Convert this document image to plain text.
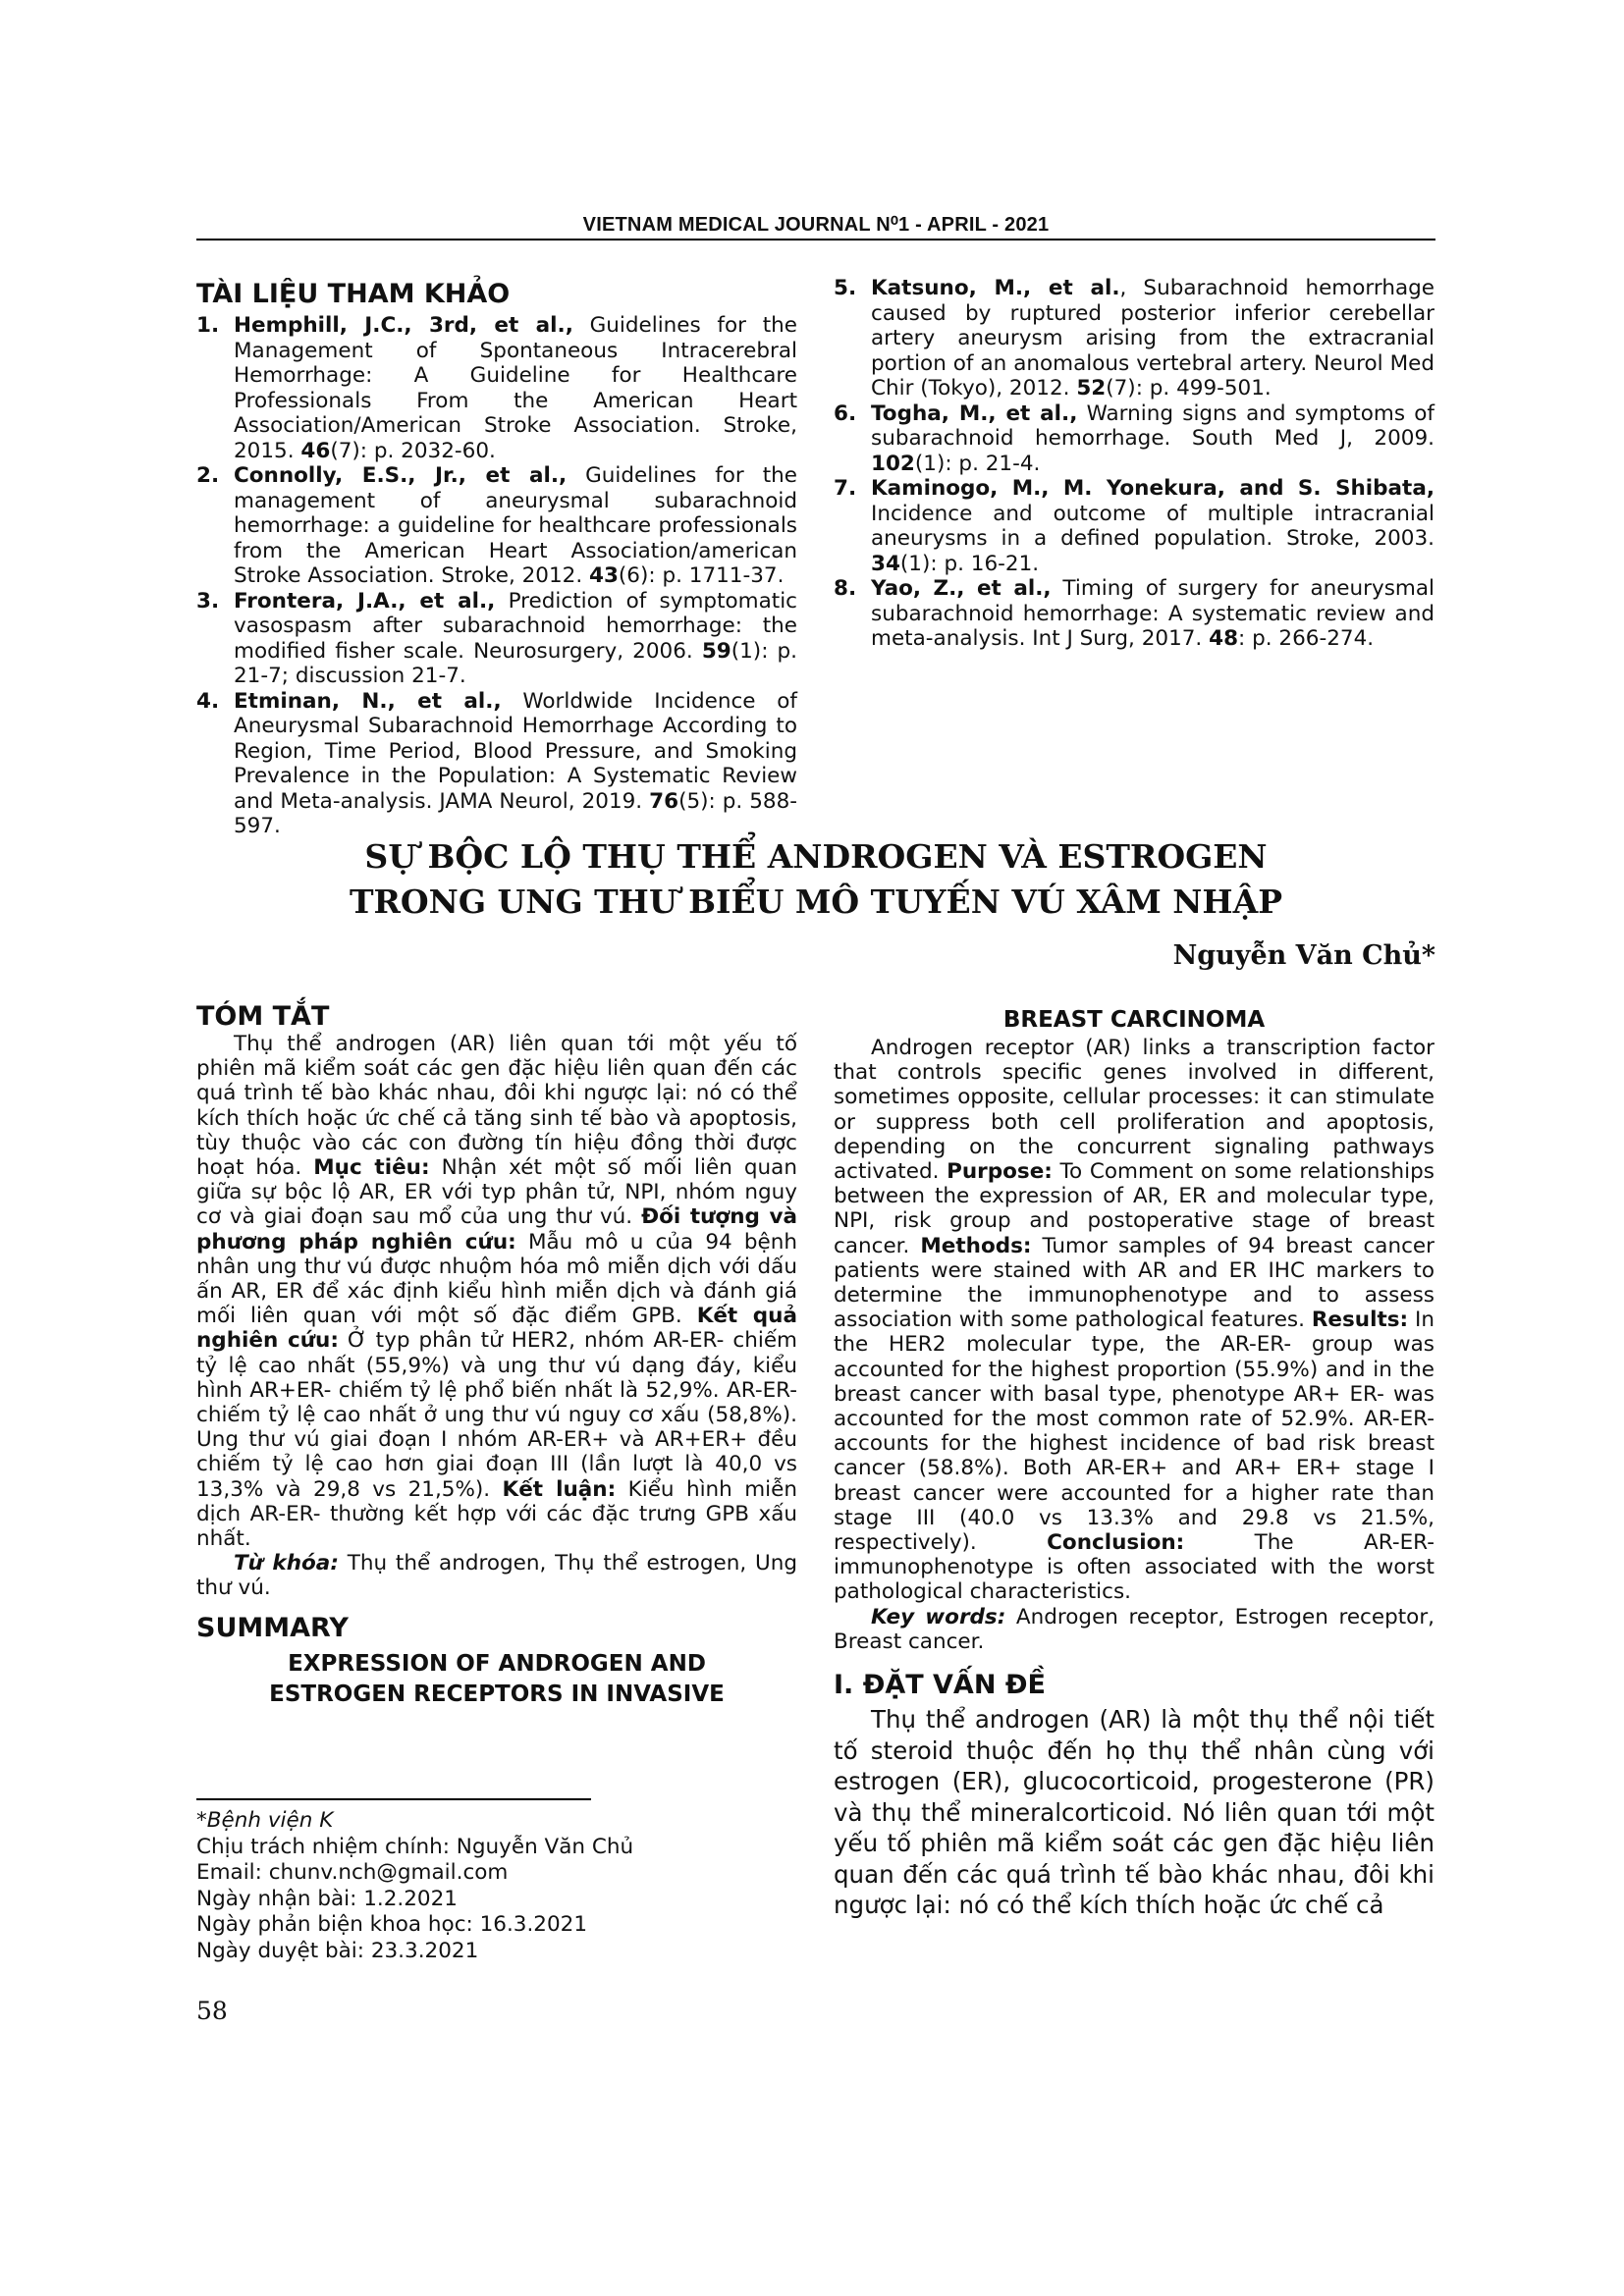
VIETNAM MEDICAL JOURNAL N⁰1 - APRIL - 2021
TÀI LIỆU THAM KHẢO
1. Hemphill, J.C., 3rd, et al., Guidelines for the Management of Spontaneous Intracerebral Hemorrhage: A Guideline for Healthcare Professionals From the American Heart Association/American Stroke Association. Stroke, 2015. 46(7): p. 2032-60.
2. Connolly, E.S., Jr., et al., Guidelines for the management of aneurysmal subarachnoid hemorrhage: a guideline for healthcare professionals from the American Heart Association/american Stroke Association. Stroke, 2012. 43(6): p. 1711-37.
3. Frontera, J.A., et al., Prediction of symptomatic vasospasm after subarachnoid hemorrhage: the modified fisher scale. Neurosurgery, 2006. 59(1): p. 21-7; discussion 21-7.
4. Etminan, N., et al., Worldwide Incidence of Aneurysmal Subarachnoid Hemorrhage According to Region, Time Period, Blood Pressure, and Smoking Prevalence in the Population: A Systematic Review and Meta-analysis. JAMA Neurol, 2019. 76(5): p. 588-597.
5. Katsuno, M., et al., Subarachnoid hemorrhage caused by ruptured posterior inferior cerebellar artery aneurysm arising from the extracranial portion of an anomalous vertebral artery. Neurol Med Chir (Tokyo), 2012. 52(7): p. 499-501.
6. Togha, M., et al., Warning signs and symptoms of subarachnoid hemorrhage. South Med J, 2009. 102(1): p. 21-4.
7. Kaminogo, M., M. Yonekura, and S. Shibata, Incidence and outcome of multiple intracranial aneurysms in a defined population. Stroke, 2003. 34(1): p. 16-21.
8. Yao, Z., et al., Timing of surgery for aneurysmal subarachnoid hemorrhage: A systematic review and meta-analysis. Int J Surg, 2017. 48: p. 266-274.
SỰ BỘC LỘ THỤ THỂ ANDROGEN VÀ ESTROGEN
TRONG UNG THƯ BIỂU MÔ TUYẾN VÚ XÂM NHẬP
Nguyễn Văn Chủ*
TÓM TẮT

Thụ thể androgen (AR) liên quan tới một yếu tố phiên mã kiểm soát các gen đặc hiệu liên quan đến các quá trình tế bào khác nhau, đôi khi ngược lại: nó có thể kích thích hoặc ức chế cả tăng sinh tế bào và apoptosis, tùy thuộc vào các con đường tín hiệu đồng thời được hoạt hóa. Mục tiêu: Nhận xét một số mối liên quan giữa sự bộc lộ AR, ER với typ phân tử, NPI, nhóm nguy cơ và giai đoạn sau mổ của ung thư vú. Đối tượng và phương pháp nghiên cứu: Mẫu mô u của 94 bệnh nhân ung thư vú được nhuộm hóa mô miễn dịch với dấu ấn AR, ER để xác định kiểu hình miễn dịch và đánh giá mối liên quan với một số đặc điểm GPB. Kết quả nghiên cứu: Ở typ phân tử HER2, nhóm AR-ER- chiếm tỷ lệ cao nhất (55,9%) và ung thư vú dạng đáy, kiểu hình AR+ER- chiếm tỷ lệ phổ biến nhất là 52,9%. AR-ER- chiếm tỷ lệ cao nhất ở ung thư vú nguy cơ xấu (58,8%). Ung thư vú giai đoạn I nhóm AR-ER+ và AR+ER+ đều chiếm tỷ lệ cao hơn giai đoạn III (lần lượt là 40,0 vs 13,3% và 29,8 vs 21,5%). Kết luận: Kiểu hình miễn dịch AR-ER- thường kết hợp với các đặc trưng GPB xấu nhất.

Từ khóa: Thụ thể androgen, Thụ thể estrogen, Ung thư vú.

SUMMARY
EXPRESSION OF ANDROGEN AND ESTROGEN RECEPTORS IN INVASIVE
BREAST CARCINOMA

Androgen receptor (AR) links a transcription factor that controls specific genes involved in different, sometimes opposite, cellular processes: it can stimulate or suppress both cell proliferation and apoptosis, depending on the concurrent signaling pathways activated. Purpose: To Comment on some relationships between the expression of AR, ER and molecular type, NPI, risk group and postoperative stage of breast cancer. Methods: Tumor samples of 94 breast cancer patients were stained with AR and ER IHC markers to determine the immunophenotype and to assess association with some pathological features. Results: In the HER2 molecular type, the AR-ER- group was accounted for the highest proportion (55.9%) and in the breast cancer with basal type, phenotype AR+ ER- was accounted for the most common rate of 52.9%. AR-ER- accounts for the highest incidence of bad risk breast cancer (58.8%). Both AR-ER+ and AR+ ER+ stage I breast cancer were accounted for a higher rate than stage III (40.0 vs 13.3% and 29.8 vs 21.5%, respectively). Conclusion: The AR-ER- immunophenotype is often associated with the worst pathological characteristics.

Key words: Androgen receptor, Estrogen receptor, Breast cancer.

I. ĐẶT VẤN ĐỀ

Thụ thể androgen (AR) là một thụ thể nội tiết tố steroid thuộc đến họ thụ thể nhân cùng với estrogen (ER), glucocorticoid, progesterone (PR) và thụ thể mineralcorticoid. Nó liên quan tới một yếu tố phiên mã kiểm soát các gen đặc hiệu liên quan đến các quá trình tế bào khác nhau, đôi khi ngược lại: nó có thể kích thích hoặc ức chế cả

*Bệnh viện K
Chịu trách nhiệm chính: Nguyễn Văn Chủ
Email: chunv.nch@gmail.com
Ngày nhận bài: 1.2.2021
Ngày phản biện khoa học: 16.3.2021
Ngày duyệt bài: 23.3.2021
58
